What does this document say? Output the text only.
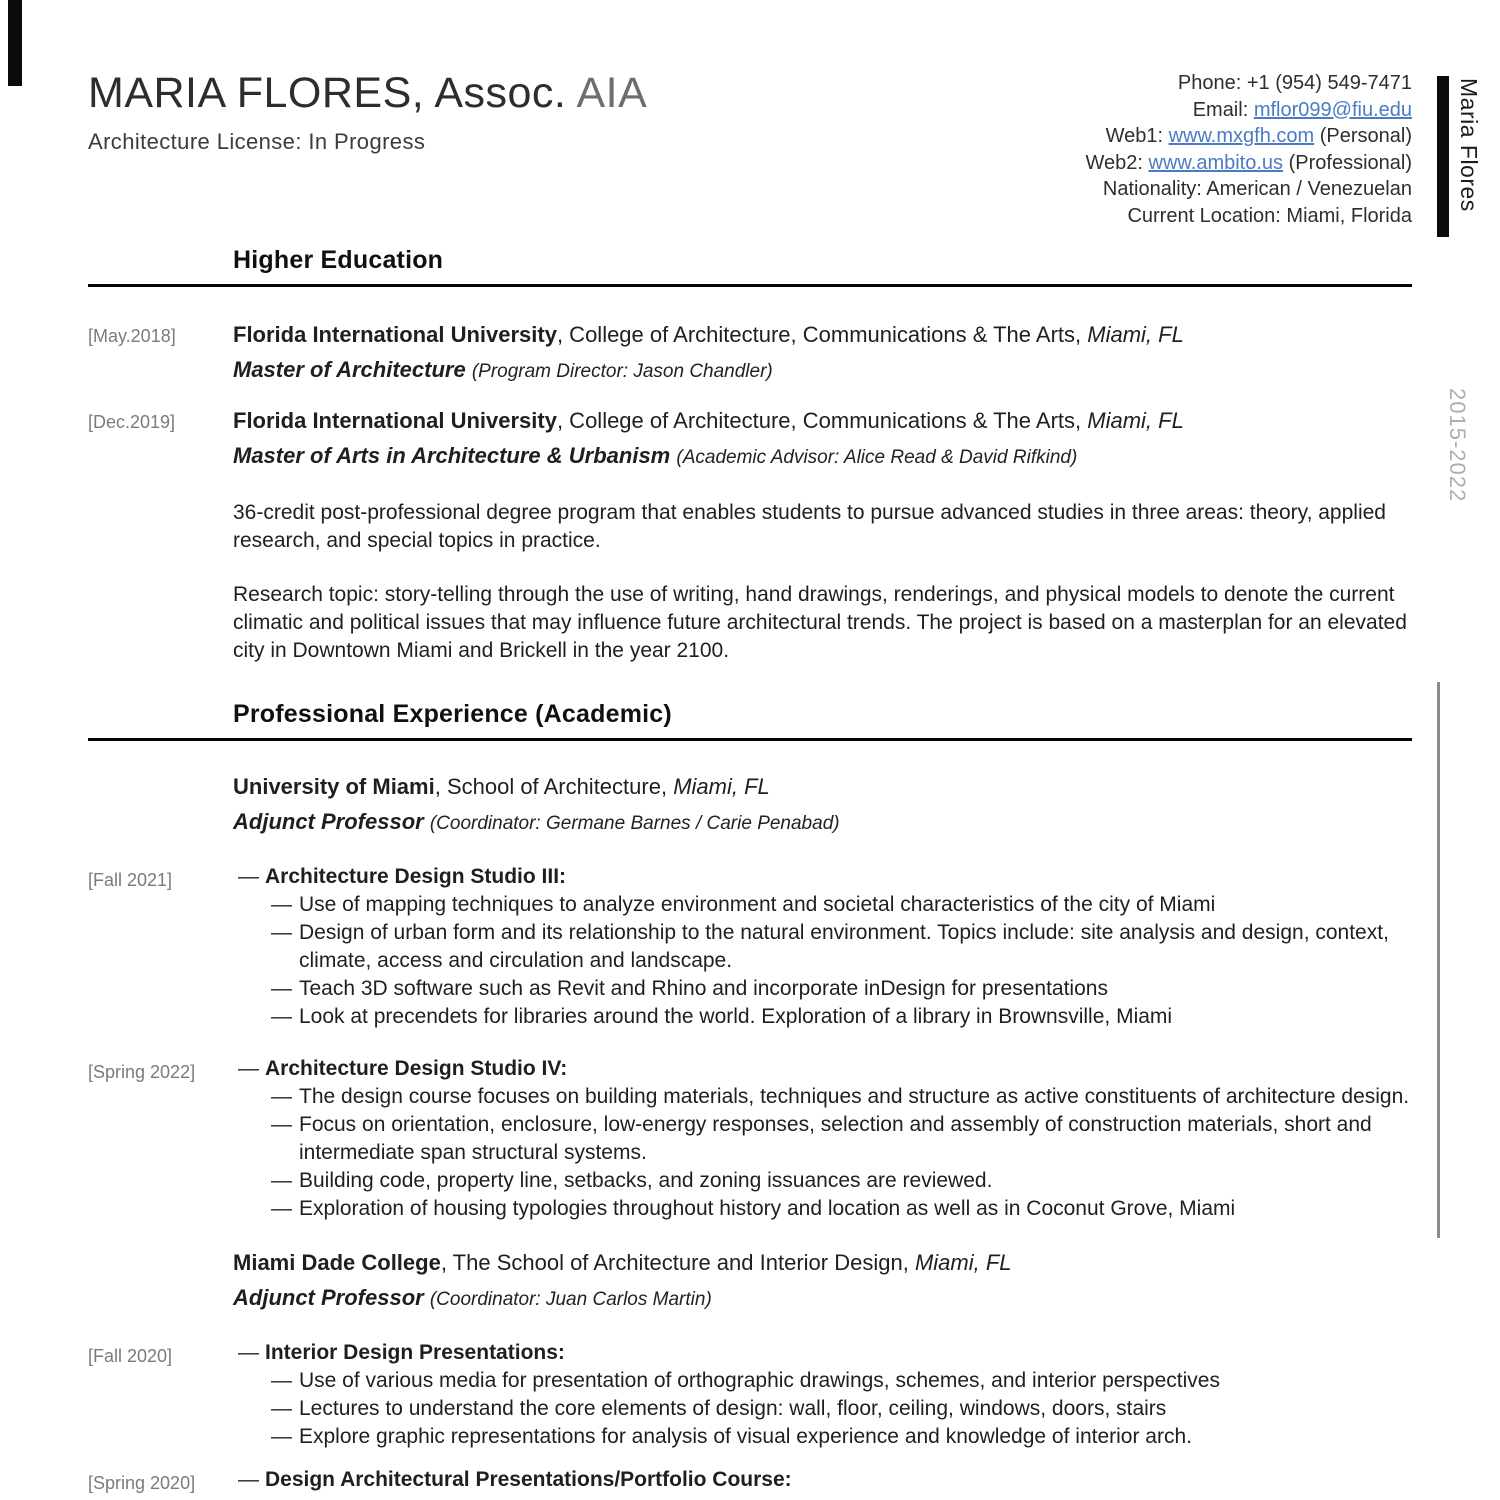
Maria Flores
2015-2022
MARIA FLORES, Assoc. AIA
Architecture License: In Progress
Phone: +1 (954) 549-7471
Email: mflor099@fiu.edu
Web1: www.mxgfh.com (Personal)
Web2: www.ambito.us (Professional)
Nationality: American / Venezuelan
Current Location: Miami, Florida
Higher Education
[May.2018]	Florida International University, College of Architecture, Communications & The Arts, Miami, FL
Master of Architecture (Program Director: Jason Chandler)
[Dec.2019]	Florida International University, College of Architecture, Communications & The Arts, Miami, FL
Master of Arts in Architecture & Urbanism (Academic Advisor: Alice Read & David Rifkind)
36-credit post-professional degree program that enables students to pursue advanced studies in three areas: theory, applied research, and special topics in practice.
Research topic: story-telling through the use of writing, hand drawings, renderings, and physical models to denote the current climatic and political issues that may influence future architectural trends. The project is based on a masterplan for an elevated city in Downtown Miami and Brickell in the year 2100.
Professional Experience (Academic)
University of Miami, School of Architecture, Miami, FL
Adjunct Professor (Coordinator: Germane Barnes / Carie Penabad)
[Fall 2021]	— Architecture Design Studio III:
— Use of mapping techniques to analyze environment and societal characteristics of the city of Miami
— Design of urban form and its relationship to the natural environment. Topics include: site analysis and design, context, climate, access and circulation and landscape.
— Teach 3D software such as Revit and Rhino and incorporate inDesign for presentations
— Look at precendets for libraries around the world. Exploration of a library in Brownsville, Miami
[Spring 2022]	— Architecture Design Studio IV:
— The design course focuses on building materials, techniques and structure as active constituents of architecture design.
— Focus on orientation, enclosure, low-energy responses, selection and assembly of construction materials, short and intermediate span structural systems.
— Building code, property line, setbacks, and zoning issuances are reviewed.
— Exploration of housing typologies throughout history and location as well as in Coconut Grove, Miami
Miami Dade College, The School of Architecture and Interior Design, Miami, FL
Adjunct Professor (Coordinator: Juan Carlos Martin)
[Fall 2020]	— Interior Design Presentations:
— Use of various media for presentation of orthographic drawings, schemes, and interior perspectives
— Lectures to understand the core elements of design: wall, floor, ceiling, windows, doors, stairs
— Explore graphic representations for analysis of visual experience and knowledge of interior arch.
[Spring 2020]	— Design Architectural Presentations/Portfolio Course:
